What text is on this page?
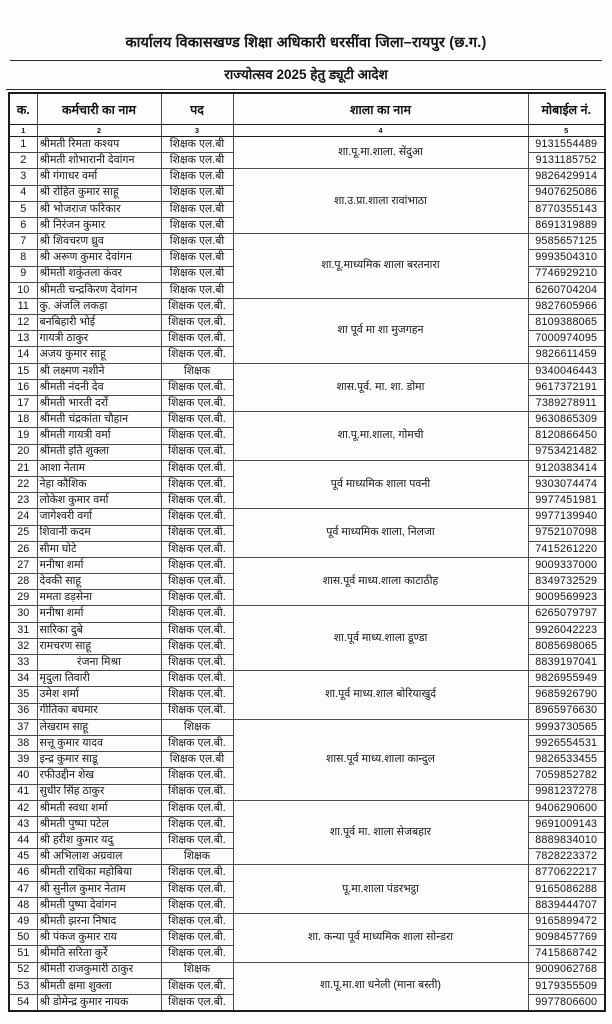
कार्यालय विकासखण्ड शिक्षा अधिकारी धरसींवा जिला–रायपुर (छ.ग.)
राज्योत्सव 2025 हेतु ड्यूटी आदेश
क.	कर्मचारी का नाम	पद	शाला का नाम	मोबाईल नं.
1	2	3	4	5
1	श्रीमती रिमता कश्यप	शिक्षक एल.बी	शा.पू.मा.शाला. सेंदुआ	9131554489
2	श्रीमती शोभारानी देवांगन	शिक्षक एल.बी		9131185752
3	श्री गंगाधर वर्मा	शिक्षक एल.बी	शा.उ.प्रा.शाला रावांभाठा	9826429914
4	श्री रोहित कुमार साहू	शिक्षक एल.बी		9407625086
5	श्री भोजराज फरिकार	शिक्षक एल.बी		8770355143
6	श्री निरंजन कुमार	शिक्षक एल.बी		8691319889
7	श्री शिवचरण ध्रुव	शिक्षक एल.बी	शा.पू.माध्यमिक शाला बरतनारा	9585657125
8	श्री अरूण कुमार देवांगन	शिक्षक एल.बी		9993504310
9	श्रीमती शकुंतला कंवर	शिक्षक एल.बी		7746929210
10	श्रीमती चन्द्रकिरण देवांगन	शिक्षक एल.बी		6260704204
11	कु. अंजलि लकड़ा	शिक्षक एल.बी.	शा पूर्व मा शा मुजगहन	9827605966
12	बनबिहारी भोई	शिक्षक एल.बी.		8109388065
13	गायत्री ठाकुर	शिक्षक एल.बी.		7000974095
14	अजय कुमार साहू	शिक्षक एल.बी.		9826611459
15	श्री लक्ष्मण नशीने	शिक्षक	शास.पूर्व. मा. शा. डोमा	9340046443
16	श्रीमती नंदनी देव	शिक्षक एल.बी.		9617372191
17	श्रीमती भारती दर्रो	शिक्षक एल.बी.		7389278911
18	श्रीमती चंद्रकांता चौहान	शिक्षक एल.बी.	शा.पू.मा.शाला, गोमची	9630865309
19	श्रीमती गायत्री वर्मा	शिक्षक एल.बी.		8120866450
20	श्रीमती इति शुक्ला	शिक्षक एल.बी.		9753421482
21	आशा नेताम	शिक्षक एल.बी.	पूर्व माध्यमिक शाला पवनी	9120383414
22	नेहा कौशिक	शिक्षक एल.बी.		9303074474
23	लोकेश कुमार वर्मा	शिक्षक एल.बी.		9977451981
24	जागेश्वरी वर्गा	शिक्षक एल.बी.	पूर्व माध्यमिक शाला, निलजा	9977139940
25	शिवानी कदम	शिक्षक एल.बी.		9752107098
26	सीमा घोटे	शिक्षक एल.बी.		7415261220
27	मनीषा शर्मा	शिक्षक एल.बी.	शास.पूर्व माध्य.शाला काटाठीह	9009337000
28	देवकी साहू	शिक्षक एल.बी.		8349732529
29	ममता डड़सेना	शिक्षक एल.बी.		9009569923
30	मनीषा शर्मा	शिक्षक एल.बी.	शा.पूर्व माध्य.शाला डूण्डा	6265079797
31	सारिका दुबे	शिक्षक एल.बी.		9926042223
32	रामचरण साहू	शिक्षक एल.बी.		8085698065
33	रंजना मिश्रा	शिक्षक एल.बी.		8839197041
34	मृदुला तिवारी	शिक्षक एल.बी.	शा.पूर्व माध्य.शाल बोरियाखुर्द	9826955949
35	उमेश शर्मा	शिक्षक एल.बी.		9685926790
36	गीतिका बघमार	शिक्षक एल.बी.		8965976630
37	लेखराम साहू	शिक्षक	शास.पूर्व माध्य.शाला कान्दुल	9993730565
38	सत्तू कुमार यादव	शिक्षक एल.बी.		9926554531
39	इन्द्र कुमार साडू	शिक्षक एल.बी		9826533455
40	रफीउद्दीन शेख	शिक्षक एल.बी.		7059852782
41	सुधीर सिंह ठाकुर	शिक्षक एल.बी.		9981237278
42	श्रीमती स्वधा शर्मा	शिक्षक एल.बी.	शा.पूर्व मा. शाला सेजबहार	9406290600
43	श्रीमती पुष्पा पटेल	शिक्षक एल.बी.		9691009143
44	श्री हरीश कुमार यदु	शिक्षक एल.बी.		8889834010
45	श्री अभिलाश अग्रवाल	शिक्षक		7828223372
46	श्रीमती राधिका महोबिया	शिक्षक एल.बी.	पू.मा.शाला पंडरभट्ठा	8770622217
47	श्री सुनील कुमार नेताम	शिक्षक एल.बी.		9165086288
48	श्रीमती पुष्पा देवांगन	शिक्षक एल.बी.		8839444707
49	श्रीमती झरना निषाद	शिक्षक एल.बी.	शा. कन्या पूर्व माध्यमिक शाला सोन्डरा	9165899472
50	श्री पंकज कुमार राय	शिक्षक एल.बी.		9098457769
51	श्रीमति सरिता कुर्रे	शिक्षक एल.बी.		7415868742
52	श्रीमती राजकुमारी ठाकुर	शिक्षक	शा.पू.मा.शा धनेली (माना बस्ती)	9009062768
53	श्रीमती क्षमा शुक्ला	शिक्षक एल.बी.		9179355509
54	श्री डोमेन्द्र कुमार नायक	शिक्षक एल.बी.		9977806600
